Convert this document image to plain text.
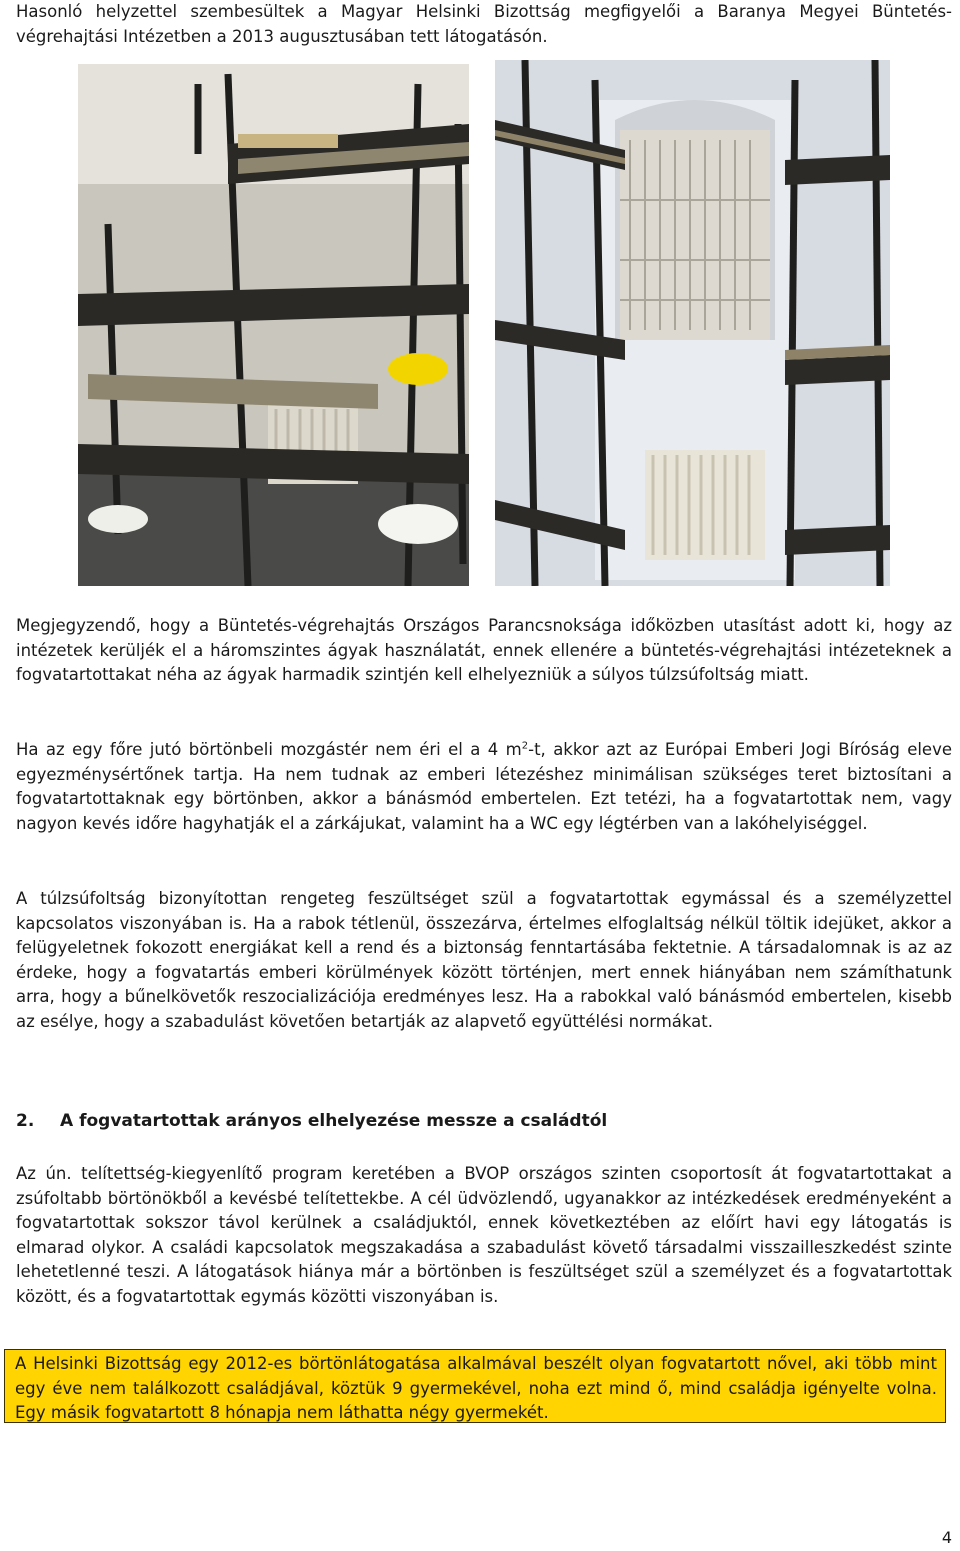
Hasonló helyzettel szembesültek a Magyar Helsinki Bizottság megfigyelői a Baranya Megyei Büntetés-végrehajtási Intézetben a 2013 augusztusában tett látogatásón.

Megjegyzendő, hogy a Büntetés-végrehajtás Országos Parancsnoksága időközben utasítást adott ki, hogy az intézetek kerüljék el a háromszintes ágyak használatát, ennek ellenére a büntetés-végrehajtási intézeteknek a fogvatartottakat néha az ágyak harmadik szintjén kell elhelyezniük a súlyos túlzsúfoltság miatt.

Ha az egy főre jutó börtönbeli mozgástér nem éri el a 4 $m^2-t$, akkor azt az Európai Emberi Jogi Bíróság eleve egyezménysértőnek tartja. Ha nem tudnak az emberi létezéshez minimálisan szükséges teret biztosítani a fogvatartottaknak egy börtönben, akkor a bánásmód embertelen. Ezt tetézi, ha a fogvatartottak nem, vagy nagyon kevés időre hagyhatják el a zárkájukat, valamint ha a WC egy légtérben van a lakóhelyiséggel.

A túlzsúfoltság bizonyítottan rengeteg feszültséget szül a fogvatartottak egymással és a személyzettel kapcsolatos viszonyában is. Ha a rabok tétlenül, összezárva, értelmes elfoglaltság nélkül töltik idejüket, akkor a felügyeletnek fokozott energiákat kell a rend és a biztonság fenntartásába fektetnie. A társadalomnak is az az érdeke, hogy a fogvatartás emberi körülmények között történjen, mert ennek hiányában nem számíthatunk arra, hogy a bűnelkövetők reszocializációja eredményes lesz. Ha a rabokkal való bánásmód embertelen, kisebb az esélye, hogy a szabadulást követően betartják az alapvető együttélési normákat.

2. A fogvatartottak arányos elhelyezése messze a családtól

Az ún. telítettség-kiegyenlítő program keretében a BVOP országos szinten csoportosít át fogvatartottakat a zsúfoltabb börtönökből a kevésbé telítettekbe. A cél üdvözlendő, ugyanakkor az intézkedések eredményeként a fogvatartottak sokszor távol kerülnek a családjuktól, ennek következtében az előírt havi egy látogatás is elmarad olykor. A családi kapcsolatok megszakadása a szabadulást követő társadalmi visszailleszkedést szinte lehetetlenné teszi. A látogatások hiánya már a börtönben is feszültséget szül a személyzet és a fogvatartottak között, és a fogvatartottak egymás közötti viszonyában is.

A Helsinki Bizottság egy 2012-es börtönlátogatása alkalmával beszélt olyan fogvatartott nővel, aki több mint egy éve nem találkozott családjával, köztük 9 gyermekével, noha ezt mind ő, mind családja igényelte volna. Egy másik fogvatartott 8 hónapja nem láthatta négy gyermekét.
4
